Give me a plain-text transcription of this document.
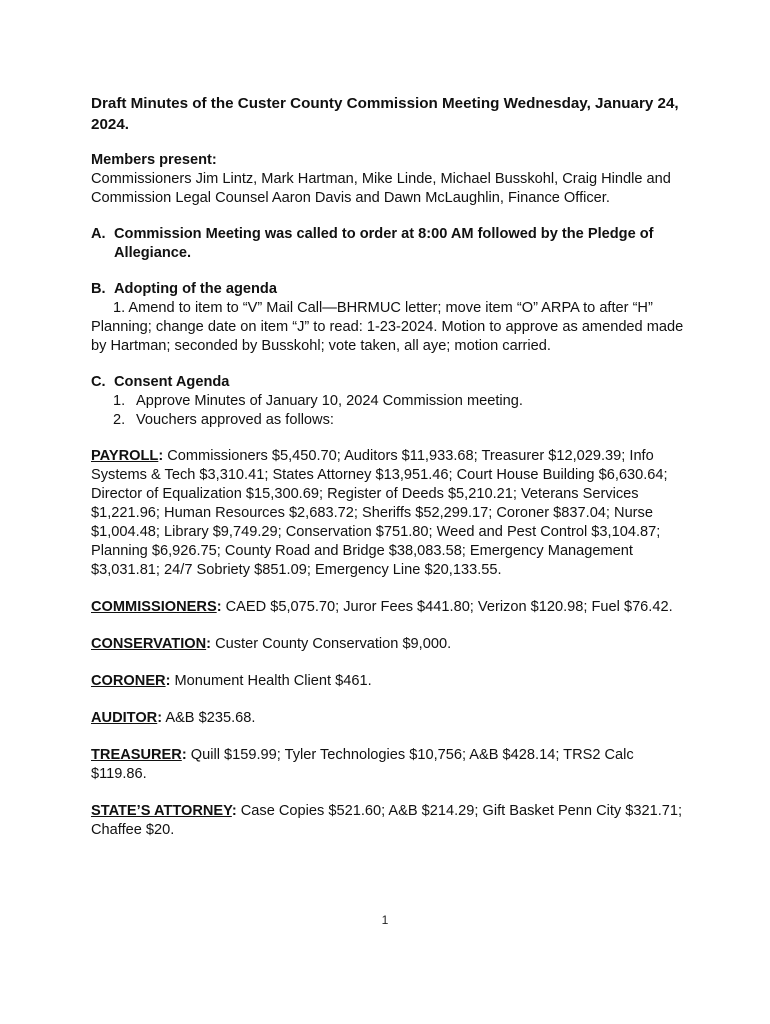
Draft Minutes of the Custer County Commission Meeting Wednesday, January 24, 2024.
Members present:
Commissioners Jim Lintz, Mark Hartman, Mike Linde, Michael Busskohl, Craig Hindle and Commission Legal Counsel Aaron Davis and Dawn McLaughlin, Finance Officer.
A. Commission Meeting was called to order at 8:00 AM followed by the Pledge of Allegiance.
B. Adopting of the agenda
1. Amend to item to “V” Mail Call—BHRMUC letter; move item “O” ARPA to after “H” Planning; change date on item “J” to read: 1-23-2024. Motion to approve as amended made by Hartman; seconded by Busskohl; vote taken, all aye; motion carried.
C. Consent Agenda
1. Approve Minutes of January 10, 2024 Commission meeting.
2. Vouchers approved as follows:
PAYROLL: Commissioners $5,450.70; Auditors $11,933.68; Treasurer $12,029.39; Info Systems & Tech $3,310.41; States Attorney $13,951.46; Court House Building $6,630.64; Director of Equalization $15,300.69; Register of Deeds $5,210.21; Veterans Services $1,221.96; Human Resources $2,683.72; Sheriffs $52,299.17; Coroner $837.04; Nurse $1,004.48; Library $9,749.29; Conservation $751.80; Weed and Pest Control $3,104.87; Planning $6,926.75; County Road and Bridge $38,083.58; Emergency Management $3,031.81; 24/7 Sobriety $851.09; Emergency Line $20,133.55.
COMMISSIONERS: CAED $5,075.70; Juror Fees $441.80; Verizon $120.98; Fuel $76.42.
CONSERVATION: Custer County Conservation $9,000.
CORONER: Monument Health Client $461.
AUDITOR: A&B $235.68.
TREASURER: Quill $159.99; Tyler Technologies $10,756; A&B $428.14; TRS2 Calc $119.86.
STATE’S ATTORNEY: Case Copies $521.60; A&B $214.29; Gift Basket Penn City $321.71; Chaffee $20.
1
